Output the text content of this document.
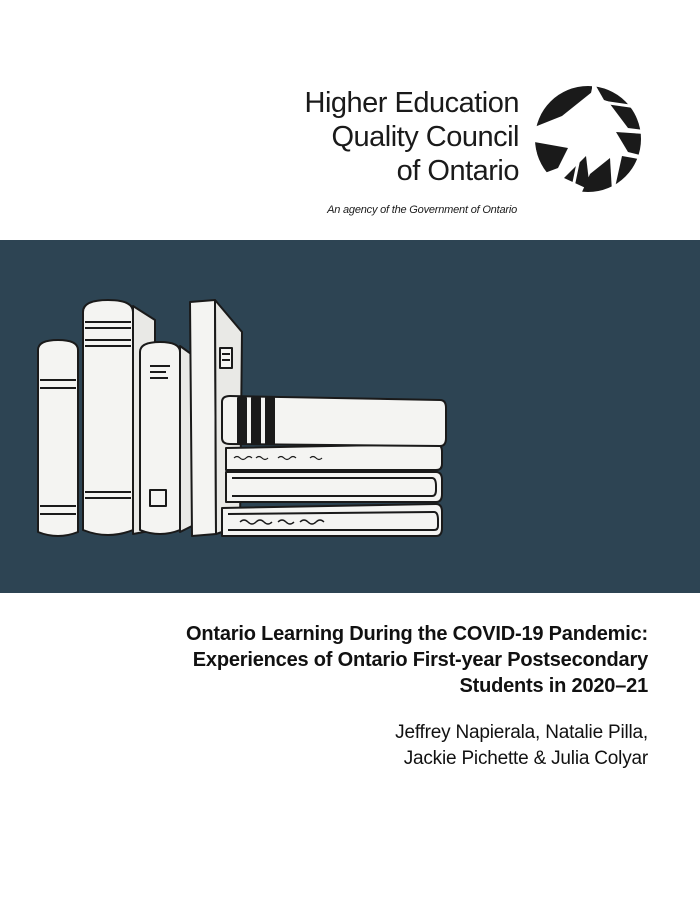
Higher Education
Quality Council
of Ontario
An agency of the Government of Ontario
Ontario Learning During the COVID-19 Pandemic:
Experiences of Ontario First-year Postsecondary
Students in 2020–21
Jeffrey Napierala, Natalie Pilla,
Jackie Pichette & Julia Colyar
